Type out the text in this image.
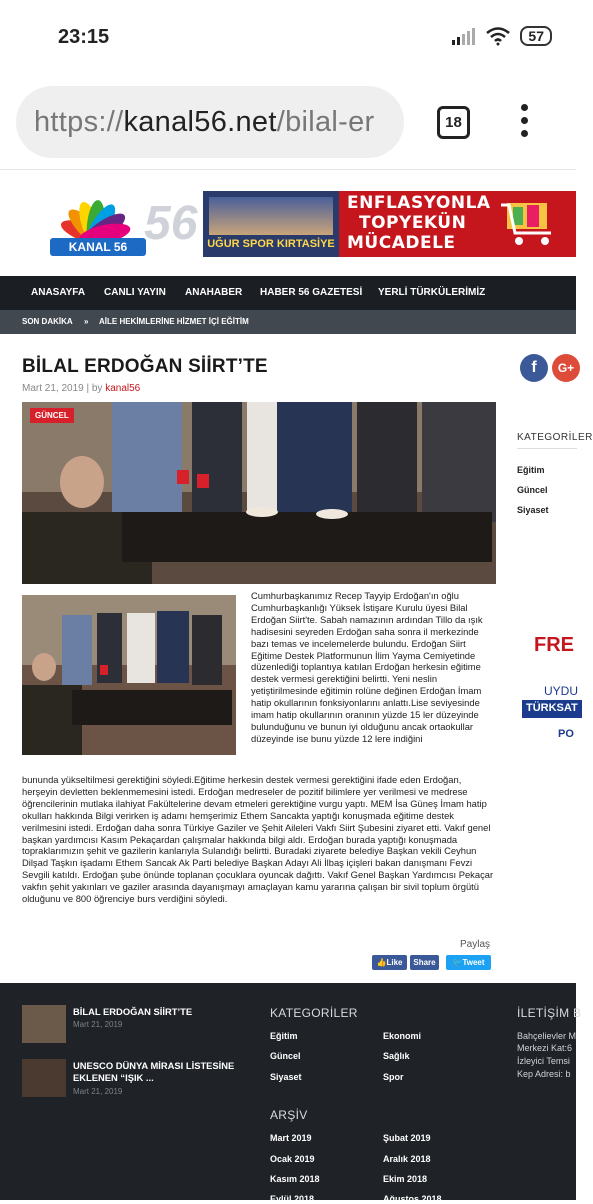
23:15	57
https://kanal56.net/bilal-er	18
KANAL 56 56 UĞUR SPOR KIRTASİYE
ENFLASYONLA
TOPYEKÜN
MÜCADELE
ANASAYFA CANLI YAYIN ANAHABER HABER 56 GAZETESİ YERLİ TÜRKÜLERİMİZ
SON DAKİKA » AİLE HEKİMLERİNE HİZMET İÇİ EĞİTİM
BİLAL ERDOĞAN SİİRT’TE
Mart 21, 2019 | by kanal56
GÜNCEL
Cumhurbaşkanımız Recep Tayyip Erdoğan'ın oğlu Cumhurbaşkanlığı Yüksek İstişare Kurulu üyesi Bilal Erdoğan Siirt'te. Sabah namazının ardından Tillo da ışık hadisesini seyreden Erdoğan saha sonra il merkezinde bazı temas ve incelemelerde bulundu. Erdoğan Siirt Eğitime Destek Platformunun İlim Yayma Cemiyetinde düzenlediği toplantıya katılan Erdoğan herkesin eğitime destek vermesi gerektiğini belirtti. Yeni neslin yetiştirilmesinde eğitimin rolüne değinen Erdoğan İmam hatip okullarının fonksiyonlarını anlattı.Lise seviyesinde imam hatip okullarının oranının yüzde 15 ler düzeyinde bulunduğunu ve bunun iyi olduğunu ancak ortaokullar düzeyinde ise bunu yüzde 12 lere indiğini
bununda yükseltilmesi gerektiğini söyledi.Eğitime herkesin destek vermesi gerektiğini ifade eden Erdoğan, herşeyin devletten beklenmemesini istedi. Erdoğan medreseler de pozitif bilimlere yer verilmesi ve medrese öğrencilerinin mutlaka ilahiyat Fakültelerine devam etmeleri gerektiğine vurgu yaptı. MEM İsa Güneş İmam hatip okulları hakkında Bilgi verirken iş adamı hemşerimiz Ethem Sancakta yaptığı konuşmada eğitime destek verilmesini istedi. Erdoğan daha sonra Türkiye Gaziler ve Şehit Aileleri Vakfı Siirt Şubesini ziyaret etti. Vakıf genel başkan yardımcısı Kasım Pekaçardan çalışmalar hakkında bilgi aldı. Erdoğan burada yaptığı konuşmada topraklarımızın şehit ve gazilerin kanlarıyla Sulandığı belirtti. Buradaki ziyarete belediye Başkan vekili Ceyhun Dilşad Taşkın işadamı Ethem Sancak Ak Parti belediye Başkan Adayı Ali İlbaş içişleri bakan danışmanı Fevzi Sevgili katıldı. Erdoğan şube önünde toplanan çocuklara oyuncak dağıttı. Vakıf Genel Başkan Yardımcısı Pekaçar vakfın şehit yakınları ve gaziler arasında dayanışmayı amaçlayan kamu yararına çalışan bir sivil toplum örgütü olduğunu ve 800 öğrenciye burs verdiğini söyledi.
Paylaş
👍Like	Share	🐦Tweet
f	G+
KATEGORİLER
Eğitim
Güncel
Siyaset
FRE
UYDU
TÜRKSAT
PO
BİLAL ERDOĞAN SİİRT’TE
Mart 21, 2019
UNESCO DÜNYA MİRASI LİSTESİNE EKLENEN “IŞIK ...
Mart 21, 2019
KATEGORİLER
Eğitim
Güncel
Siyaset
Ekonomi
Sağlık
Spor
ARŞİV
Mart 2019
Ocak 2019
Kasım 2018
Eylül 2018
Şubat 2019
Aralık 2018
Ekim 2018
Ağustos 2018
İLETİŞİM B
Bahçelievler M
Merkezi Kat:6
İzleyici Temsi
Kep Adresi: b
